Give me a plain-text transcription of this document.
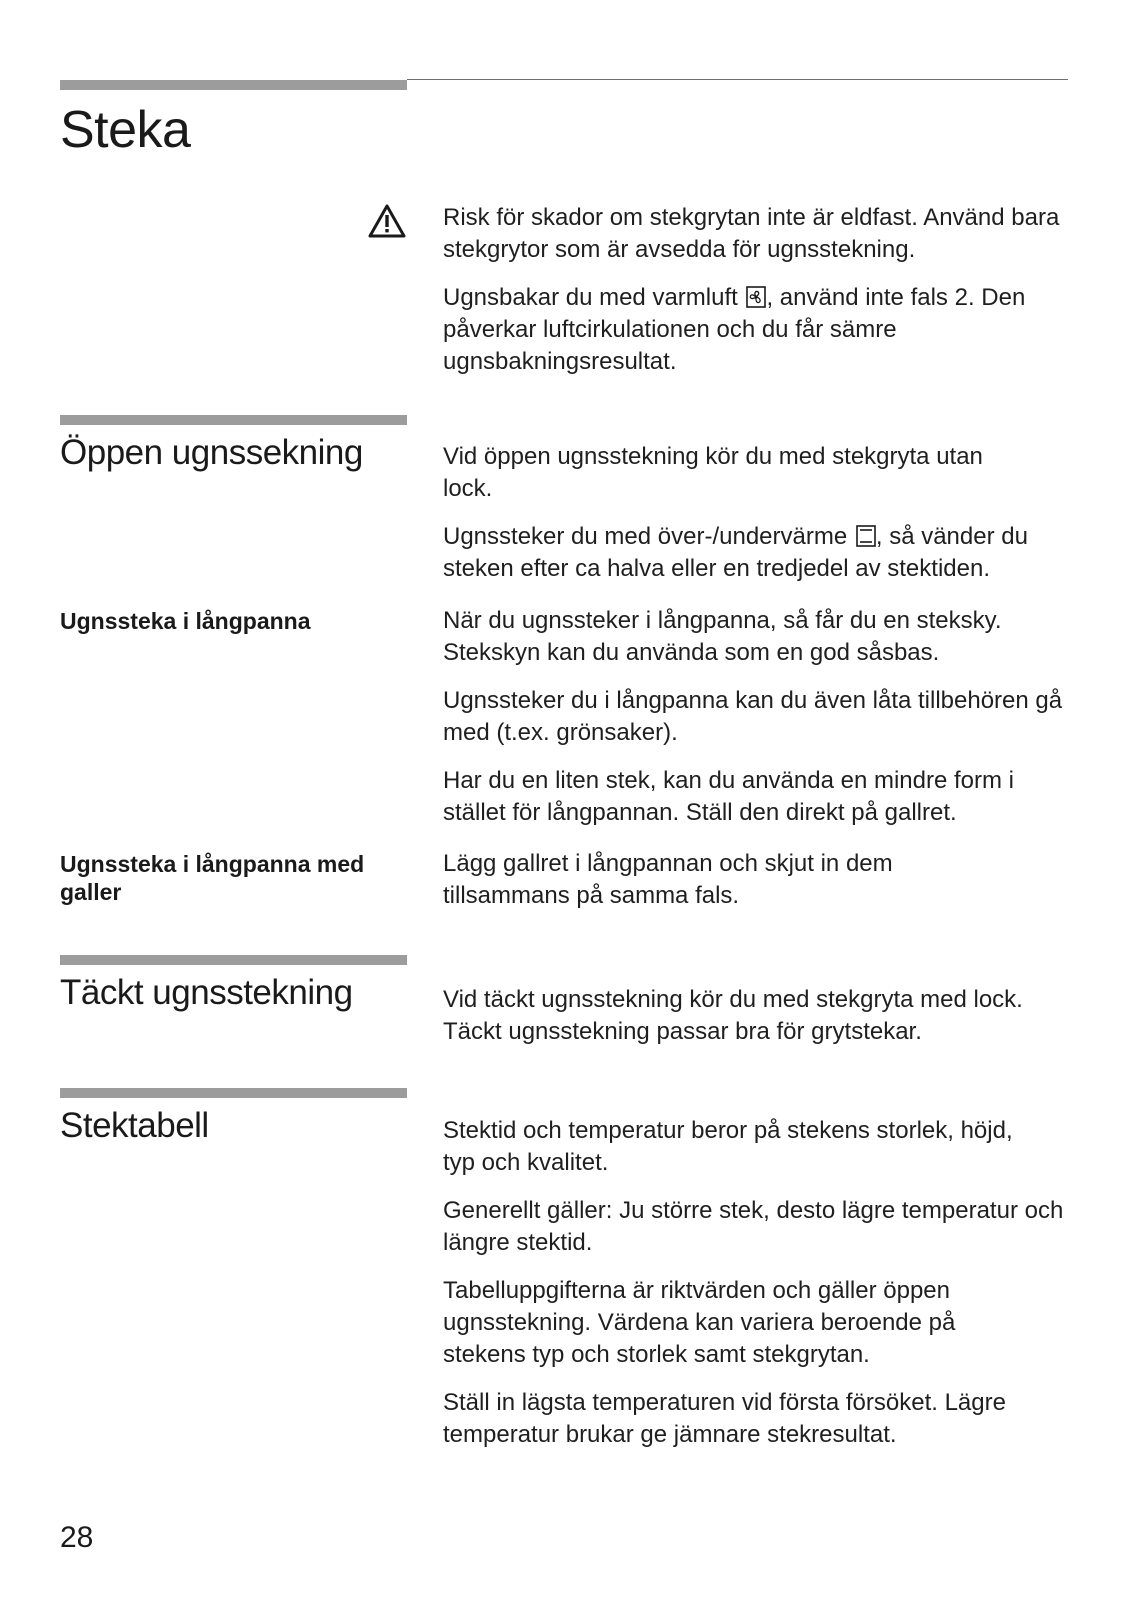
Steka

Risk för skador om stekgrytan inte är eldfast. Använd bara stekgrytor som är avsedda för ugnsstekning.

Ugnsbakar du med varmluft , använd inte fals 2. Den påverkar luftcirkulationen och du får sämre ugnsbakningsresultat.

Öppen ugnssekning	Vid öppen ugnsstekning kör du med stekgryta utan lock.

Ugnssteker du med över-/undervärme , så vänder du steken efter ca halva eller en tredjedel av stektiden.

Ugnssteka i långpanna	När du ugnssteker i långpanna, så får du en steksky. Stekskyn kan du använda som en god såsbas.

Ugnssteker du i långpanna kan du även låta tillbehören gå med (t.ex. grönsaker).

Har du en liten stek, kan du använda en mindre form i stället för långpannan. Ställ den direkt på gallret.

Ugnssteka i långpanna med galler

Lägg gallret i långpannan och skjut in dem tillsammans på samma fals.

Täckt ugnsstekning	Vid täckt ugnsstekning kör du med stekgryta med lock. Täckt ugnsstekning passar bra för grytstekar.

Stektabell	Stektid och temperatur beror på stekens storlek, höjd, typ och kvalitet.

Generellt gäller: Ju större stek, desto lägre temperatur och längre stektid.

Tabelluppgifterna är riktvärden och gäller öppen ugnsstekning. Värdena kan variera beroende på stekens typ och storlek samt stekgrytan.

Ställ in lägsta temperaturen vid första försöket. Lägre temperatur brukar ge jämnare stekresultat.

28
